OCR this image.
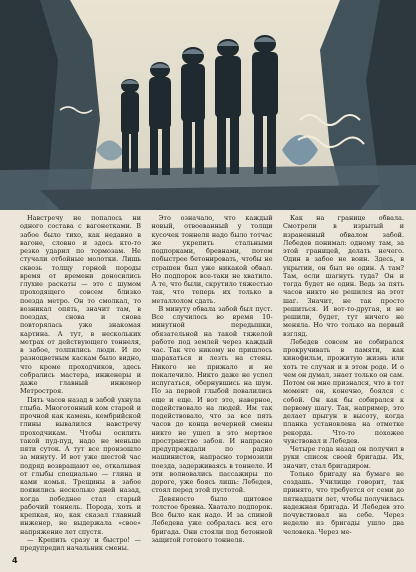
Навстречу не попалось ни одного состава с вагонетками. В забое было тихо, как недавно в вагоне, словно и здесь кто-то резко ударил по тормозам. Не стучали отбойные молотки. Лишь сквозь толщу горной породы время от времени доносились глухие раскаты — это с шумом проходящего совсем близко поезда метро. Он то смолкал, то возникал опять, значит там, в поездах, снова и снова повторялась уже знакомая картина. А тут, в нескольких метрах от действующего тоннеля, в забое, толпились люди. И по разноцветным каскам было видно, что кроме проходчиков, здесь собрались мастера, инженеры и даже главный инженер Метростроя.

Пять часов назад в забой ухнула глыба. Многотонный ком старой и прочной как камень, кембрийской глины вывалился навстречу проходчикам. Чтобы осилить такой пуд-пуд, надо не меньше пяти суток. А тут все произошло за минуту. И вот уже шестой час подряд возвращают ее, откалывая от глыбы специально — глина и ками комья. Трещины в забое появились несколько дней назад, когда победнее стал старый рабочий тоннель. Порода, хоть и крепкая, но, как сказал главный инженер, не выдержала «свое» напряжение лет спустя.

— Крепить сразу и быстро! — предупредил начальник смены.

Это означало, что каждый новый, отвоеванный у толщи кусочек тоннеля надо было тотчас же укрепить стальными подпорками, бревнами, потом побыстрее бетонировать, чтобы не страшен был уже никакой обвал. Но подпорок все-таки не хватило. А те, что были, скрутило тяжестью так, что теперь их только в металлолом сдать.

В минуту обвала забой был пуст. Все случилось во время 10-минутной передышки, обязательной на такой тяжелой работе под землей через каждый час. Так что никому не пришлось шарахаться и лезть на стены. Никого не прижало и не покалечило. Никто даже не успел испугаться, обернувшись на шум. По за первой глыбой повалились еще и еще. И вот это, наверное, подействовало на людей. Им так подействовало, что за все пять часов до конца вечерней смены никто не ушел в это мертвое пространство забоя. И напрасно предупреждали по радио машинистов, напрасно тормозили поезда, задерживаясь в тоннеле. И эти волновались пассажиры по дороге, уже боясь лишь: Лебедев, стоял перед этой пустотой.

Девяносто было щитовое толстое бревна. Хватало подпорок. Все было как надо. И за спиной Лебедева уже собралась вся его бригада. Они стояли под бетонной защитой готового тоннеля.

Как на границе обвала. Смотрели в изрытый и израненный обвалом забой. Лебедев понимал: одному там, за этой границей, делать нечего. Один в забое не воин. Здесь, в укрытии, он был не один. А там? Там, если шагнуть туда? Он и тогда будет не один. Ведь за пять часов никто не решился на этот шаг. Значит, не так просто решиться. И вот-то-другая, и не решили, будет, тут ничего не меняла. Но что только на первый взгляд.

Лебедев совсем не собирался прокручивать в памяти, как кинофильм, прожитую жизнь или хоть те случаи и в этом роде. И о чем он думал, знает только он сам. Потом он мне признался, что в тот момент он, конечно, боялся с собой. Он как бы собирался к первому шагу. Так, например, это делает прыгун в высоту, когда планка установлена на отметке рекорда. Что-то похожее чувствовал и Лебедев.

Четыре года назад он получил в руки список своей бригады. Их, значит, стал бригадиром.

Только бригаду на бумаге не создашь. Училище говорит, так принято, что требуется от семи до пятнадцати лет, чтобы получилась надежная бригада. И Лебедев это почувствовал на себе. Через неделю из бригады ушло два человека. Через ме-

4
